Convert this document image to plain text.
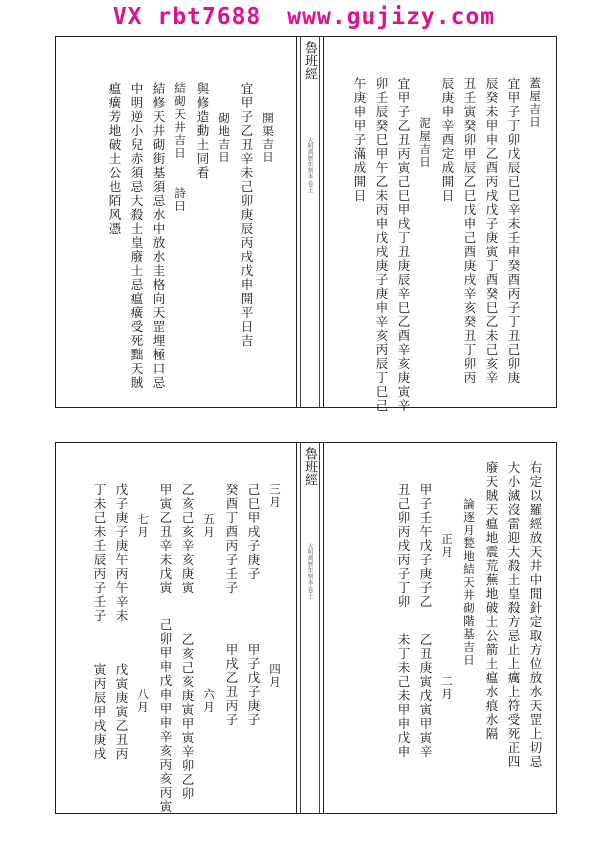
VX rbt7688 www.gujizy.com
魯班經
大明萬歷年刻本 卷上
蓋屋吉日
宜甲子丁卯戊辰已巳辛未壬申癸酉丙子丁丑己卯庚
辰癸未甲申乙酉丙戌戊子庚寅丁酉癸巳乙未己亥辛
丑壬寅癸卯甲辰乙巳戊申己酉庚戌辛亥癸丑丁卯丙
辰庚申辛酉定成開日
泥屋吉日
宜甲子乙丑丙寅己巳甲戌丁丑庚辰辛巳乙酉辛亥庚寅辛
卯壬辰癸巳甲午乙未丙申戊戌庚子庚申辛亥丙辰丁巳己
午庚申甲子滿成開日
開渠吉日
宜甲子乙丑辛未己卯庚辰丙戌戊申開平日吉
砌地吉日
與修造動土同看
結砌天井吉日
詩曰
結修天井砌街基須忌水中放水圭格向天罡埋極口忌
中明逆小兒赤須忌大殺土皇廢土忌瘟癀受死黜天賊
瘟癀芳地破土公也陌风憑
魯班經
大明萬歷年刻本 卷上	右定以羅經放天井中閒針定取方位放水天罡上切忌
大小滅沒雷迎大殺土皇殺方忌止上癘上符受死正四
廢天賊天瘟地震荒蕪地破土公箭土瘟水痕水隔
論逐月甃地結天井砌階基吉日
正月
甲子壬午戊子庚子乙
丑己卯丙戌丙子丁卯
二月
乙丑庚寅戊寅甲寅辛
未丁未己未甲申戊申
三月
己巳甲戌子庚子
癸酉丁酉丙子壬子
五月
乙亥己亥辛亥庚寅
甲寅乙丑辛未戊寅
七月
戊子庚子庚午丙午辛未
丁未己未壬辰丙子壬子
四月
甲子戊子庚子
甲戌乙丑丙子
六月
乙亥己亥庚寅甲寅辛卯乙卯
己卯甲申戊申甲申辛亥丙亥丙寅
八月
戊寅庚寅乙丑丙
寅丙辰甲戌庚戌
